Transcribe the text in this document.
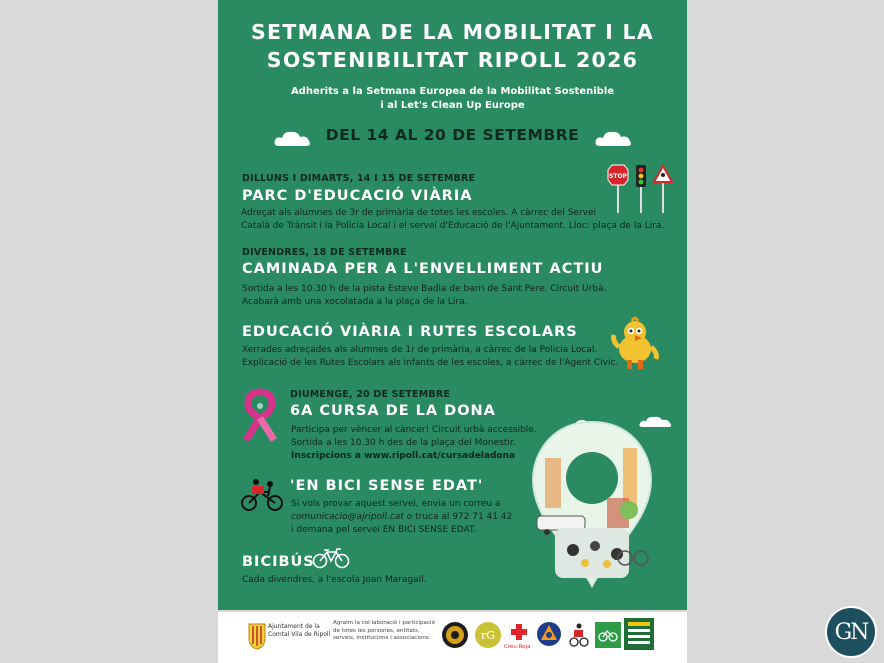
SETMANA DE LA MOBILITAT I LA
SOSTENIBILITAT RIPOLL 2026
Adherits a la Setmana Europea de la Mobilitat Sostenible
i al Let's Clean Up Europe
DEL 14 AL 20 DE SETEMBRE
DILLUNS I DIMARTS, 14 I 15 DE SETEMBRE
PARC D'EDUCACIÓ VIÀRIA
Adreçat als alumnes de 3r de primària de totes les escoles. A càrrec del Servei
Català de Trànsit i la Policia Local i el servei d'Educació de l'Ajuntament. Lloc: plaça de la Lira.
STOP
DIVENDRES, 18 DE SETEMBRE
CAMINADA PER A L'ENVELLIMENT ACTIU
Sortida a les 10.30 h de la pista Esteve Badia de barri de Sant Pere. Circuit Urbà.
Acabarà amb una xocolatada a la plaça de la Lira.
EDUCACIÓ VIÀRIA I RUTES ESCOLARS
Xerrades adreçades als alumnes de 1r de primària, a càrrec de la Policia Local.
Explicació de les Rutes Escolars als infants de les escoles, a càrrec de l'Agent Cívic.
DIUMENGE, 20 DE SETEMBRE
6A CURSA DE LA DONA
Participa per vèncer al càncer! Circuit urbà accessible.
Sortida a les 10.30 h des de la plaça del Monestir.
Inscripcions a www.ripoll.cat/cursadeladona
'EN BICI SENSE EDAT'
Si vols provar aquest servei, envia un correu a
comunicacio@ajripoll.cat o truca al 972 71 41 42
i demana pel servei EN BICI SENSE EDAT.
BICIBÚS
Cada divendres, a l'escola Joan Maragall.
Ajuntament de la
Comtal Vila de Ripoll
Agraïm la col·laboració i participació
de totes les persones, entitats,
serveis, institucions i associacions.	rG
Creu Roja
GN
